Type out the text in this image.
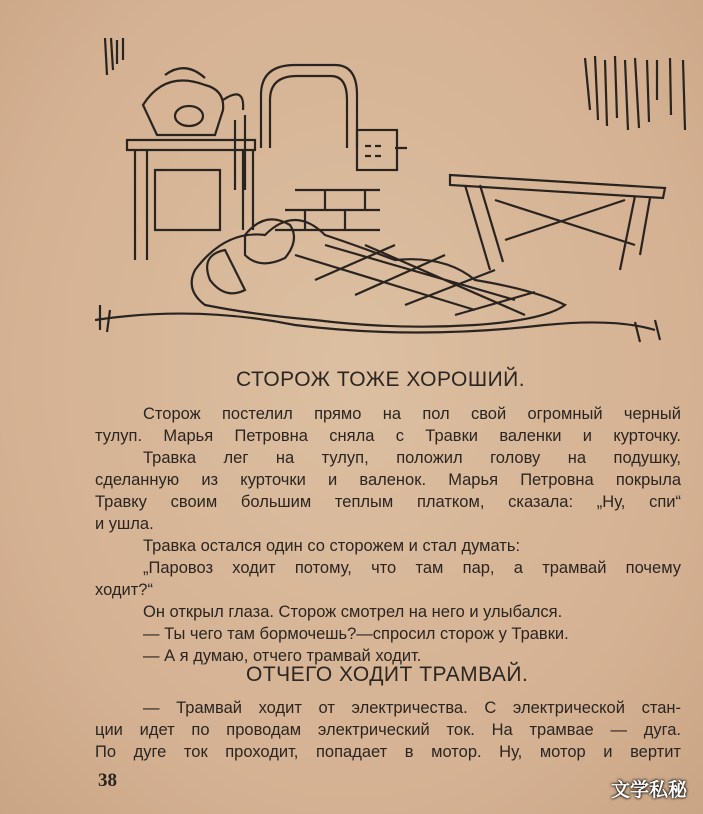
СТОРОЖ ТОЖЕ ХОРОШИЙ.
Сторож постелил прямо на пол свой огромный черный
тулуп. Марья Петровна сняла с Травки валенки и курточку.
Травка лег на тулуп, положил голову на подушку,
сделанную из курточки и валенок. Марья Петровна покрыла
Травку своим большим теплым платком, сказала: „Ну, спи“
и ушла.
Травка остался один со сторожем и стал думать:
„Паровоз ходит потому, что там пар, а трамвай почему
ходит?“
Он открыл глаза. Сторож смотрел на него и улыбался.
— Ты чего там бормочешь?—спросил сторож у Травки.
— А я думаю, отчего трамвай ходит.
ОТЧЕГО ХОДИТ ТРАМВАЙ.
— Трамвай ходит от электричества. С электрической стан-
ции идет по проводам электрический ток. На трамвае — дуга.
По дуге ток проходит, попадает в мотор. Ну, мотор и вертит
38	文学私秘
